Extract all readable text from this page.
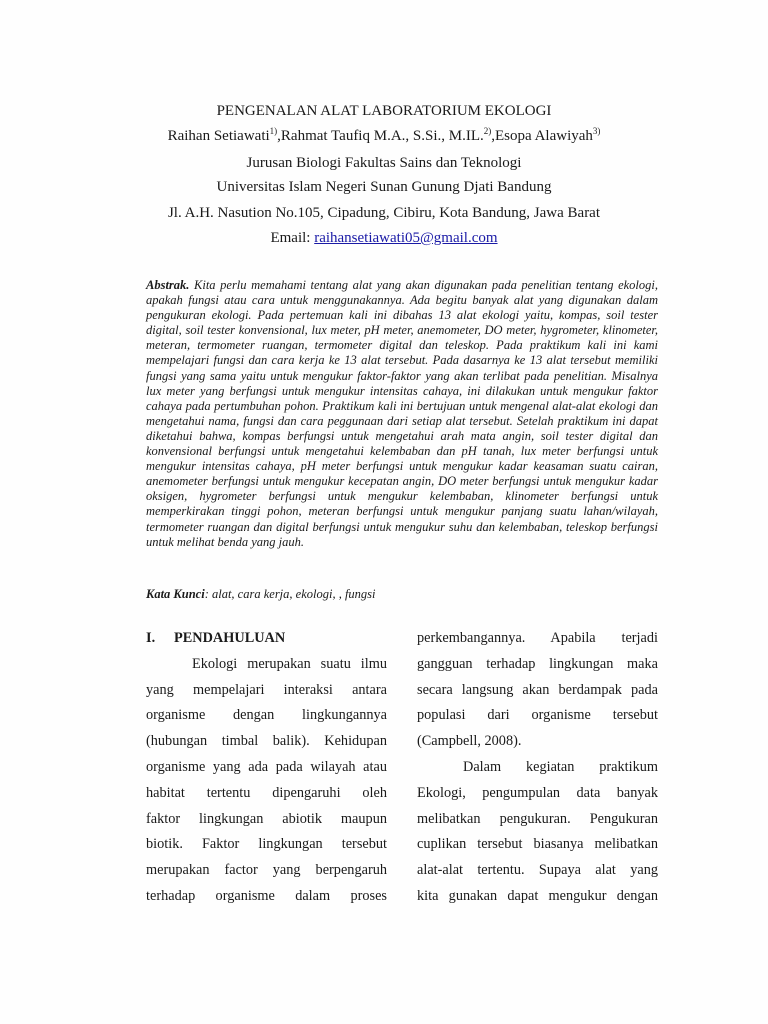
PENGENALAN ALAT LABORATORIUM EKOLOGI
Raihan Setiawati$^{1)}$,Rahmat Taufiq M.A., S.Si., M.IL.$^{2)}$,Esopa Alawiyah$^{3)}$
Jurusan Biologi Fakultas Sains dan Teknologi
Universitas Islam Negeri Sunan Gunung Djati Bandung
Jl. A.H. Nasution No.105, Cipadung, Cibiru, Kota Bandung, Jawa Barat
Email: raihansetiawati05@gmail.com
Abstrak. Kita perlu memahami tentang alat yang akan digunakan pada penelitian tentang ekologi, apakah fungsi atau cara untuk menggunakannya. Ada begitu banyak alat yang digunakan dalam pengukuran ekologi. Pada pertemuan kali ini dibahas 13 alat ekologi yaitu, kompas, soil tester digital, soil tester konvensional, lux meter, pH meter, anemometer, DO meter, hygrometer, klinometer, meteran, termometer ruangan, termometer digital dan teleskop. Pada praktikum kali ini kami mempelajari fungsi dan cara kerja ke 13 alat tersebut. Pada dasarnya ke 13 alat tersebut memiliki fungsi yang sama yaitu untuk mengukur faktor-faktor yang akan terlibat pada penelitian. Misalnya lux meter yang berfungsi untuk mengukur intensitas cahaya, ini dilakukan untuk mengukur faktor cahaya pada pertumbuhan pohon. Praktikum kali ini bertujuan untuk mengenal alat-alat ekologi dan mengetahui nama, fungsi dan cara peggunaan dari setiap alat tersebut. Setelah praktikum ini dapat diketahui bahwa, kompas berfungsi untuk mengetahui arah mata angin, soil tester digital dan konvensional berfungsi untuk mengetahui kelembaban dan pH tanah, lux meter berfungsi untuk mengukur intensitas cahaya, pH meter berfungsi untuk mengukur kadar keasaman suatu cairan, anemometer berfungsi untuk mengukur kecepatan angin, DO meter berfungsi untuk mengukur kadar oksigen, hygrometer berfungsi untuk mengukur kelembaban, klinometer berfungsi untuk memperkirakan tinggi pohon, meteran berfungsi untuk mengukur panjang suatu lahan/wilayah, termometer ruangan dan digital berfungsi untuk mengukur suhu dan kelembaban, teleskop berfungsi untuk melihat benda yang jauh.
Kata Kunci: alat, cara kerja, ekologi, , fungsi
I.	PENDAHULUAN
Ekologi merupakan suatu ilmu
yang mempelajari interaksi antara
organisme dengan lingkungannya
(hubungan timbal balik). Kehidupan
organisme yang ada pada wilayah atau
habitat tertentu dipengaruhi oleh
faktor lingkungan abiotik maupun
biotik. Faktor lingkungan tersebut
merupakan factor yang berpengaruh
terhadap organisme dalam proses
perkembangannya. Apabila terjadi
gangguan terhadap lingkungan maka
secara langsung akan berdampak pada
populasi dari organisme tersebut
(Campbell, 2008).
Dalam kegiatan praktikum
Ekologi, pengumpulan data banyak
melibatkan pengukuran. Pengukuran
cuplikan tersebut biasanya melibatkan
alat-alat tertentu. Supaya alat yang
kita gunakan dapat mengukur dengan
